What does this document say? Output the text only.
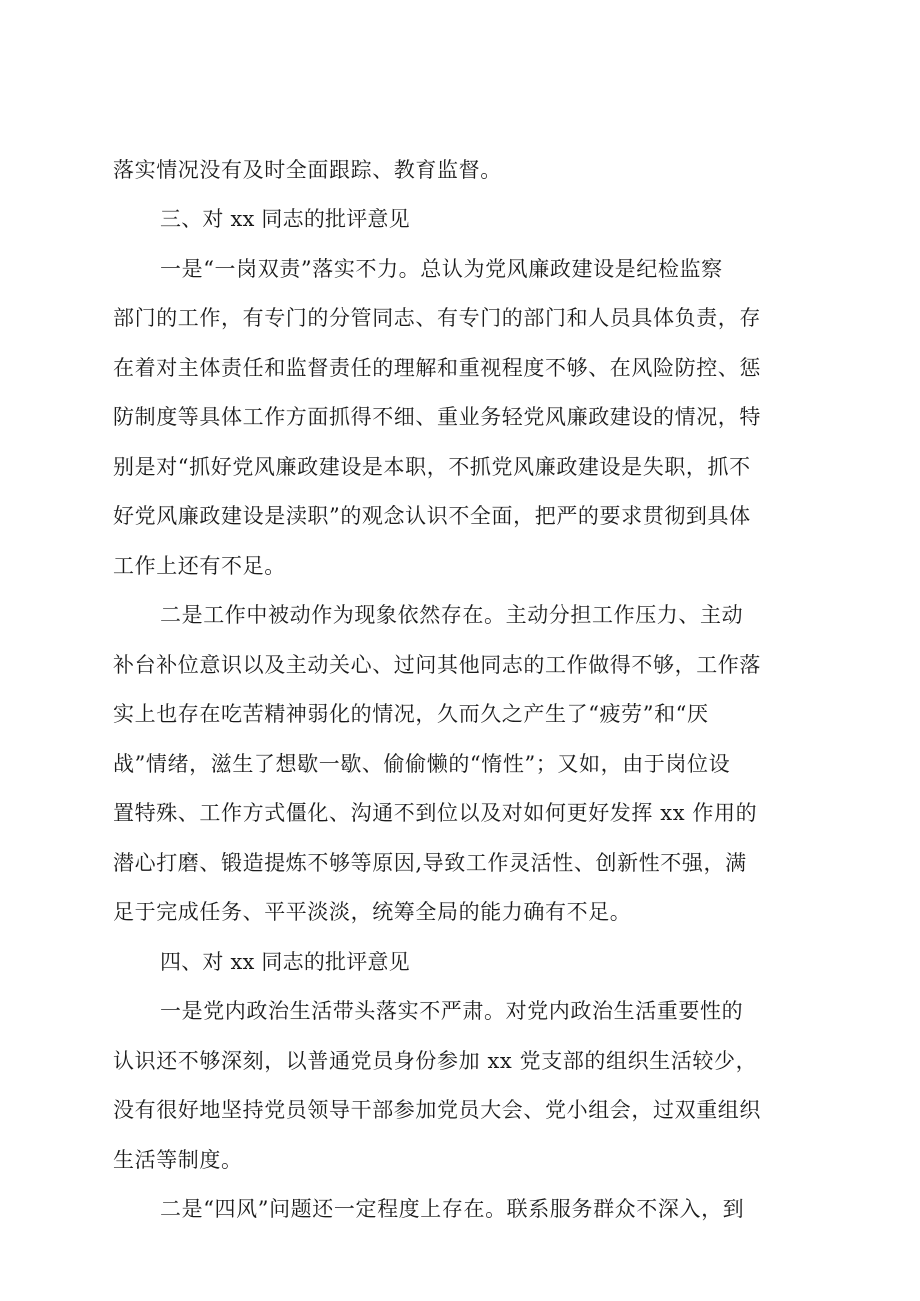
落实情况没有及时全面跟踪、教育监督。
三、对 xx 同志的批评意见
一是“一岗双责”落实不力。总认为党风廉政建设是纪检监察
部门的工作，有专门的分管同志、有专门的部门和人员具体负责，存
在着对主体责任和监督责任的理解和重视程度不够、在风险防控、惩
防制度等具体工作方面抓得不细、重业务轻党风廉政建设的情况，特
别是对“抓好党风廉政建设是本职，不抓党风廉政建设是失职，抓不
好党风廉政建设是渎职”的观念认识不全面，把严的要求贯彻到具体
工作上还有不足。
二是工作中被动作为现象依然存在。主动分担工作压力、主动
补台补位意识以及主动关心、过问其他同志的工作做得不够，工作落
实上也存在吃苦精神弱化的情况，久而久之产生了“疲劳”和“厌
战”情绪，滋生了想歇一歇、偷偷懒的“惰性”；又如，由于岗位设
置特殊、工作方式僵化、沟通不到位以及对如何更好发挥 xx 作用的
潜心打磨、锻造提炼不够等原因,导致工作灵活性、创新性不强，满
足于完成任务、平平淡淡，统筹全局的能力确有不足。
四、对 xx 同志的批评意见
一是党内政治生活带头落实不严肃。对党内政治生活重要性的
认识还不够深刻，以普通党员身份参加 xx 党支部的组织生活较少，
没有很好地坚持党员领导干部参加党员大会、党小组会，过双重组织
生活等制度。
二是“四风”问题还一定程度上存在。联系服务群众不深入，到
